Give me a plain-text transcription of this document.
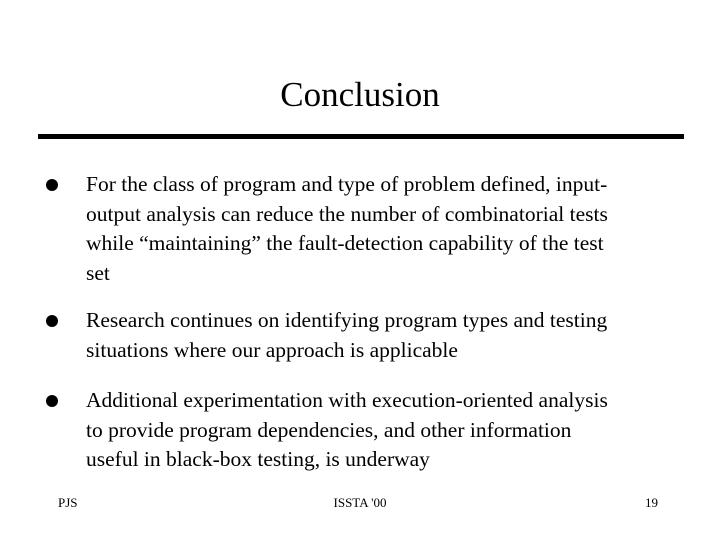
Conclusion
For the class of program and type of problem defined, input-
output analysis can reduce the number of combinatorial tests
while “maintaining” the fault-detection capability of the test
set
Research continues on identifying program types and testing
situations where our approach is applicable
Additional experimentation with execution-oriented analysis
to provide program dependencies, and other information
useful in black-box testing, is underway
PJS	ISSTA '00	19
